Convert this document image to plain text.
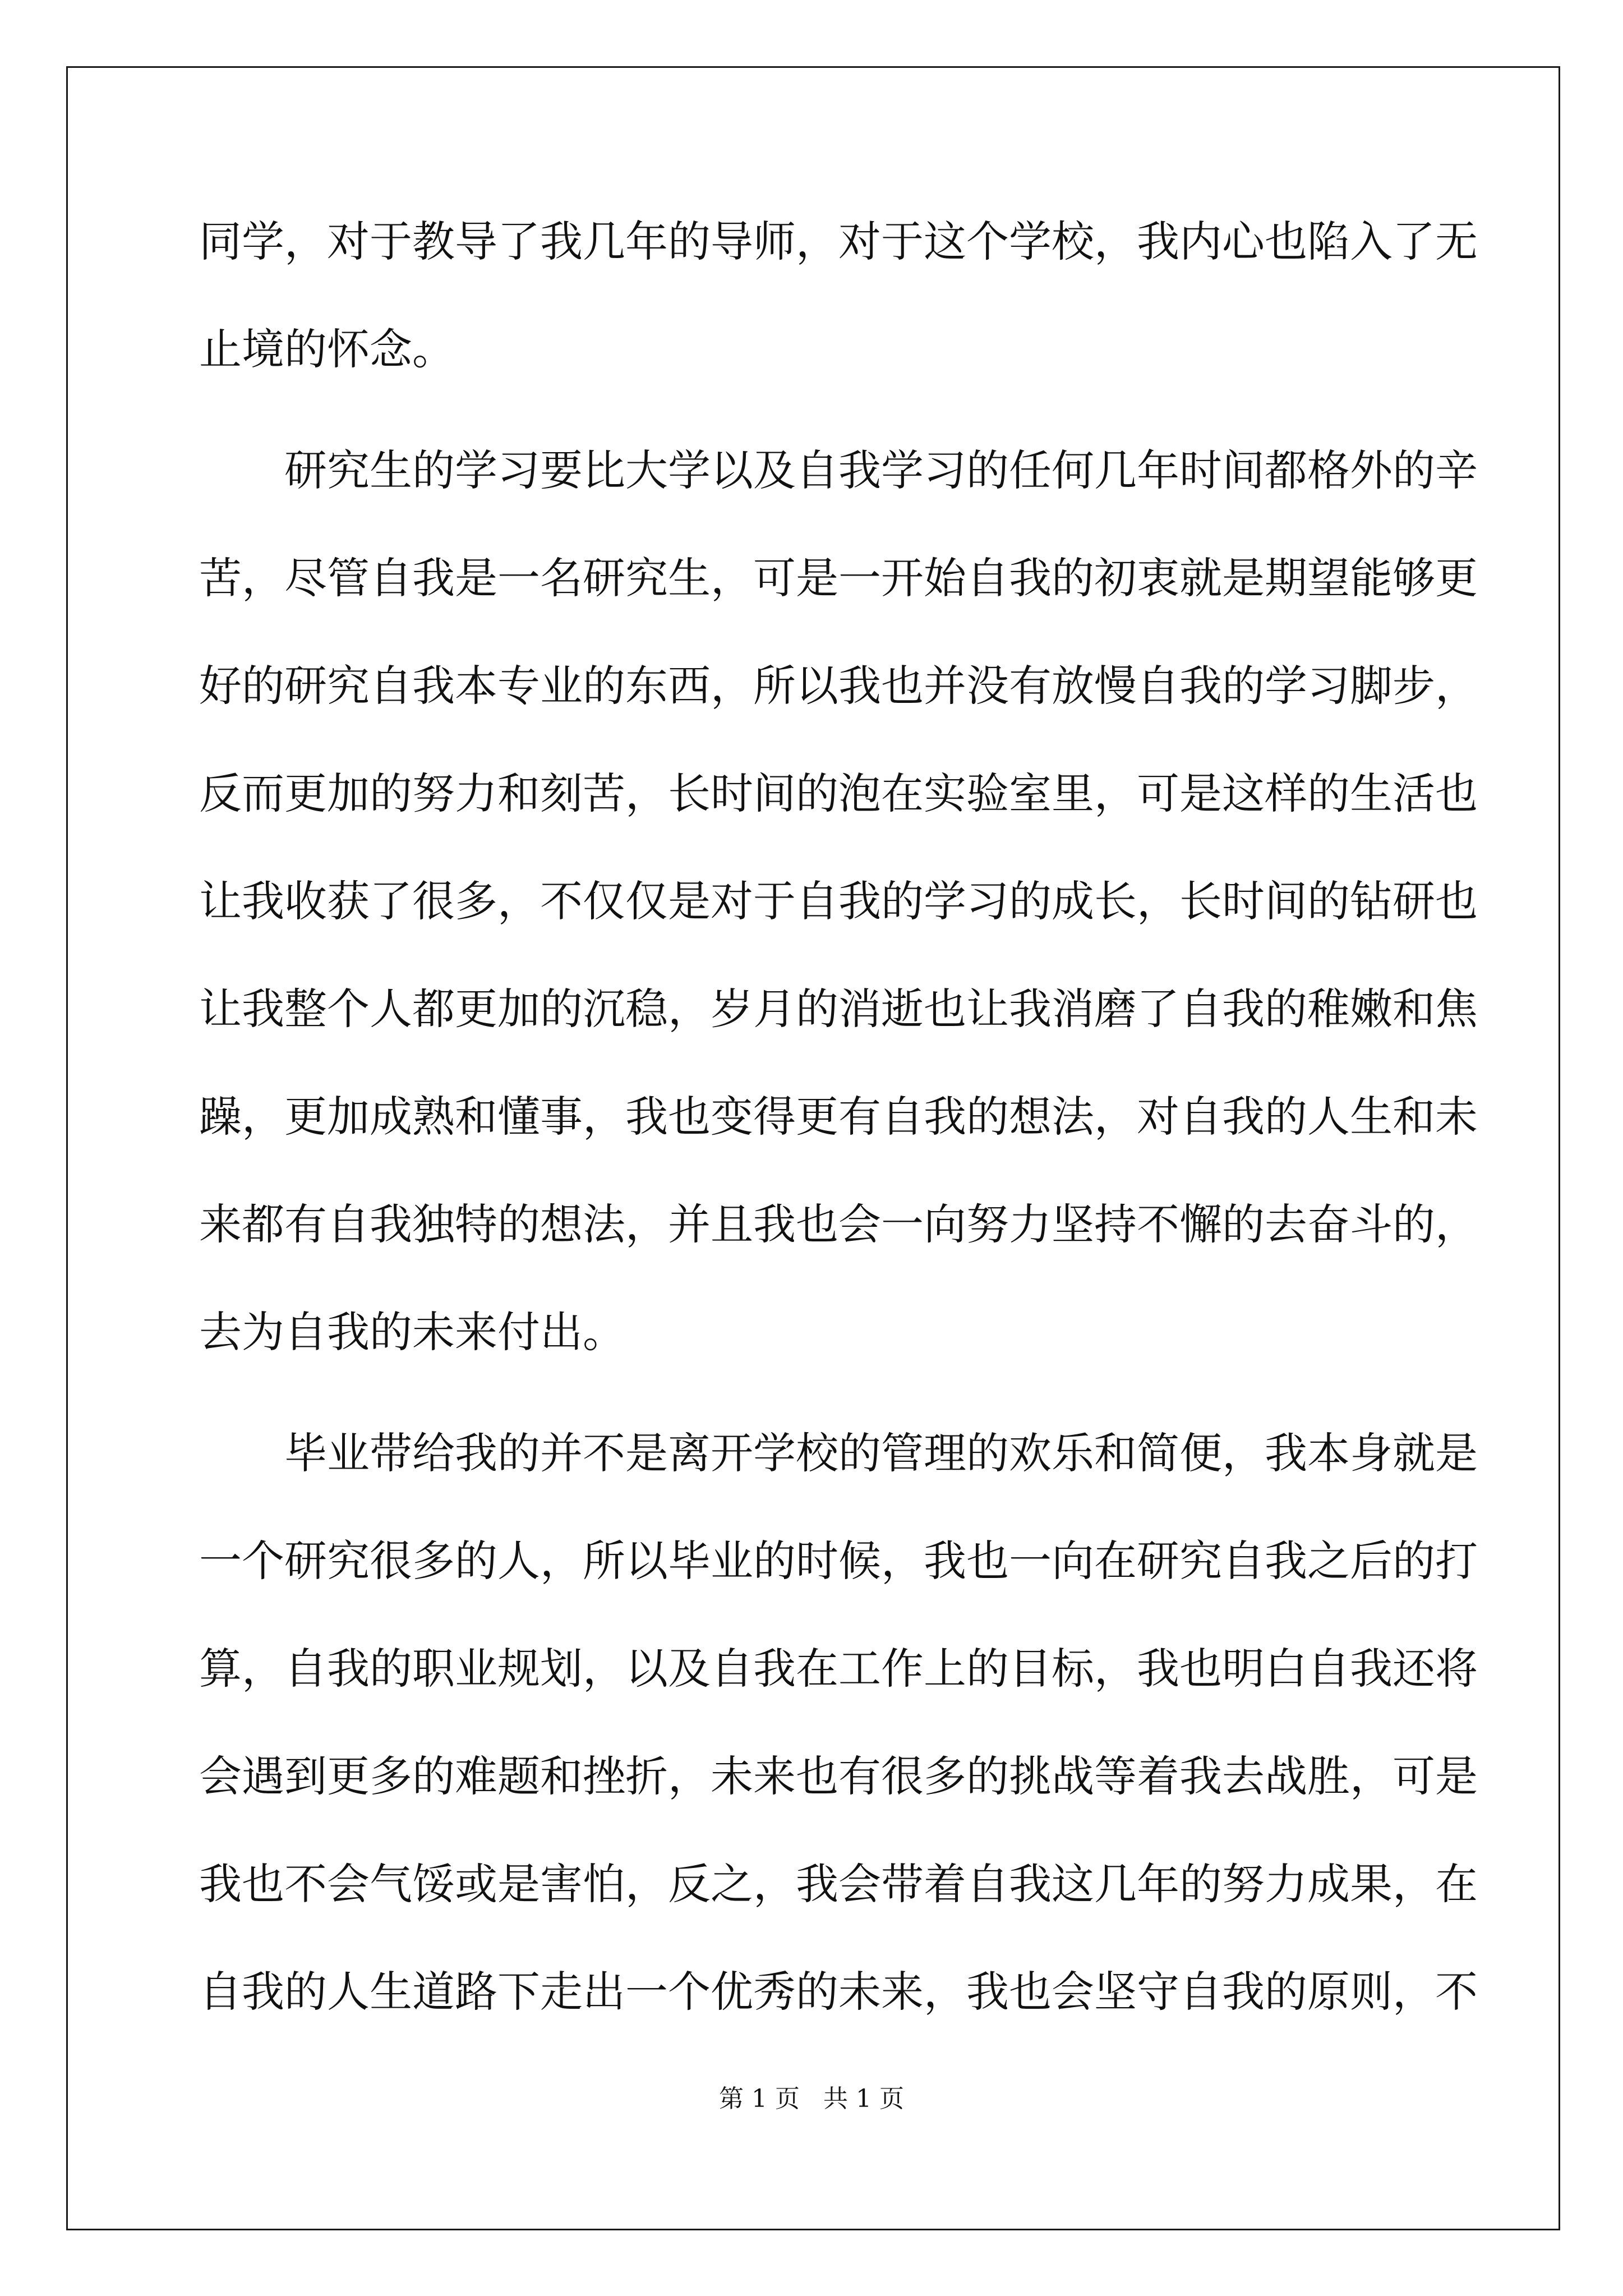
同学，对于教导了我几年的导师，对于这个学校，我内心也陷入了无
止境的怀念。
　　研究生的学习要比大学以及自我学习的任何几年时间都格外的辛
苦，尽管自我是一名研究生，可是一开始自我的初衷就是期望能够更
好的研究自我本专业的东西，所以我也并没有放慢自我的学习脚步，
反而更加的努力和刻苦，长时间的泡在实验室里，可是这样的生活也
让我收获了很多，不仅仅是对于自我的学习的成长，长时间的钻研也
让我整个人都更加的沉稳，岁月的消逝也让我消磨了自我的稚嫩和焦
躁，更加成熟和懂事，我也变得更有自我的想法，对自我的人生和未
来都有自我独特的想法，并且我也会一向努力坚持不懈的去奋斗的，
去为自我的未来付出。
　　毕业带给我的并不是离开学校的管理的欢乐和简便，我本身就是
一个研究很多的人，所以毕业的时候，我也一向在研究自我之后的打
算，自我的职业规划，以及自我在工作上的目标，我也明白自我还将
会遇到更多的难题和挫折，未来也有很多的挑战等着我去战胜，可是
我也不会气馁或是害怕，反之，我会带着自我这几年的努力成果，在
自我的人生道路下走出一个优秀的未来，我也会坚守自我的原则，不
第 1 页   共 1 页
